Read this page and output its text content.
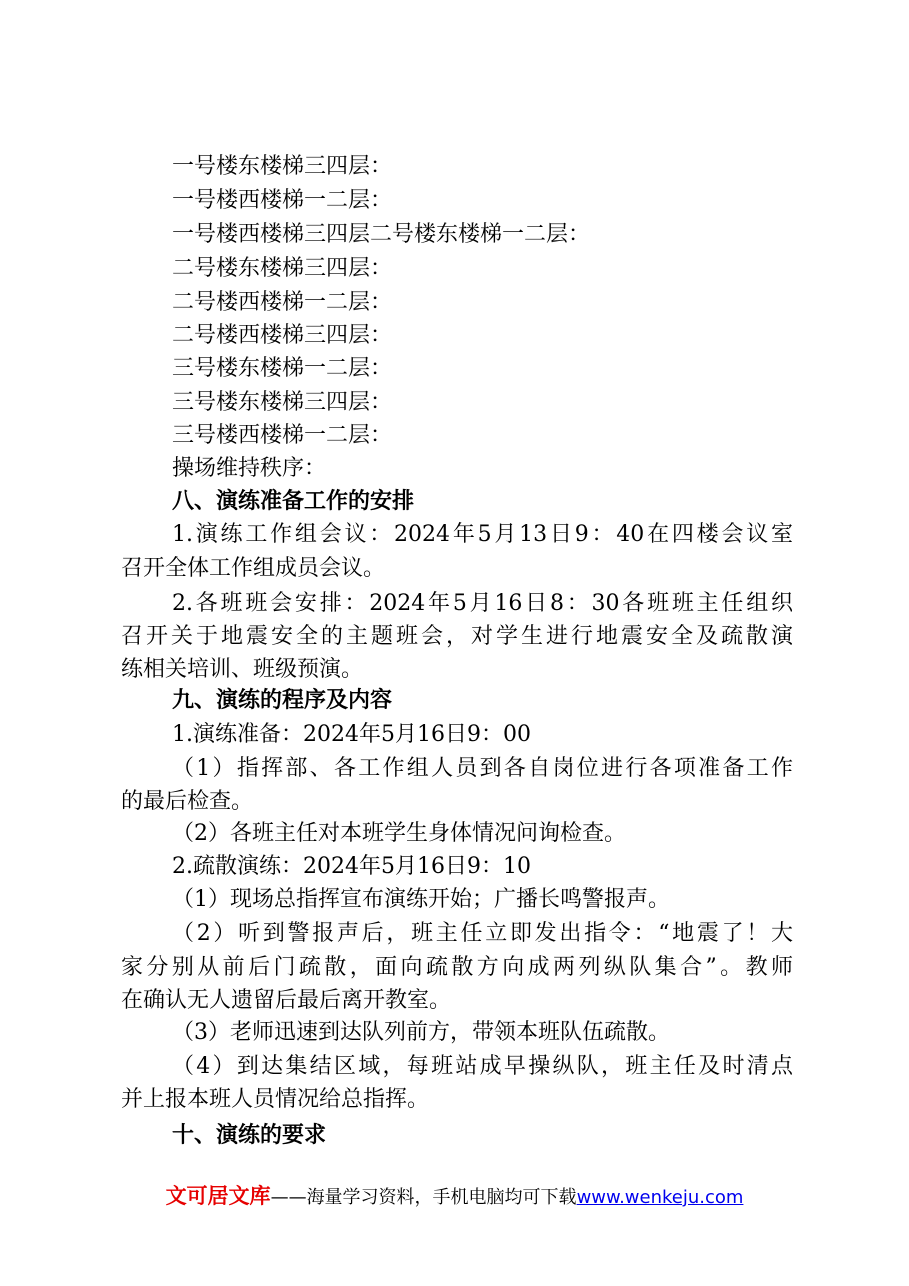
一号楼东楼梯三四层：
一号楼西楼梯一二层：
一号楼西楼梯三四层二号楼东楼梯一二层：
二号楼东楼梯三四层：
二号楼西楼梯一二层：
二号楼西楼梯三四层：
三号楼东楼梯一二层：
三号楼东楼梯三四层：
三号楼西楼梯一二层：
操场维持秩序：
八、演练准备工作的安排
1.演练工作组会议：2024年5月13日9：40在四楼会议室
召开全体工作组成员会议。
2.各班班会安排：2024年5月16日8：30各班班主任组织
召开关于地震安全的主题班会，对学生进行地震安全及疏散演
练相关培训、班级预演。
九、演练的程序及内容
1.演练准备：2024年5月16日9：00
（1）指挥部、各工作组人员到各自岗位进行各项准备工作
的最后检查。
（2）各班主任对本班学生身体情况问询检查。
2.疏散演练：2024年5月16日9：10
（1）现场总指挥宣布演练开始；广播长鸣警报声。
（2）听到警报声后，班主任立即发出指令：“地震了！大
家分别从前后门疏散，面向疏散方向成两列纵队集合”。教师
在确认无人遗留后最后离开教室。
（3）老师迅速到达队列前方，带领本班队伍疏散。
（4）到达集结区域，每班站成早操纵队，班主任及时清点
并上报本班人员情况给总指挥。
十、演练的要求
文可居文库——海量学习资料，手机电脑均可下载www.wenkeju.com
